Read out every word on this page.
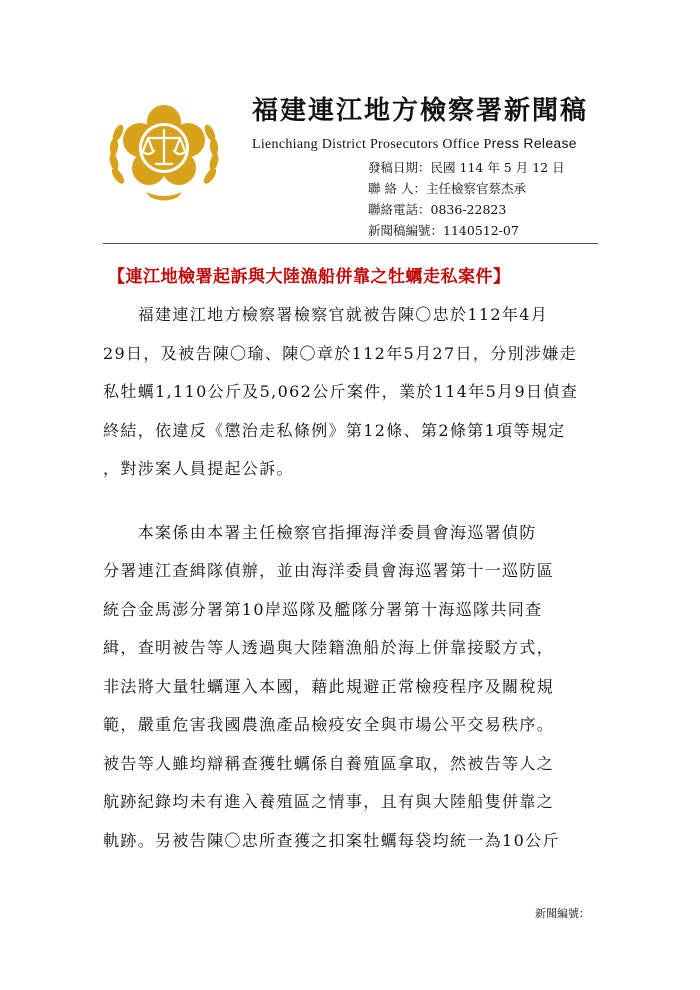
福建連江地方檢察署新聞稿
Lienchiang District Prosecutors Office Press Release
發稿日期：民國 114 年 5 月 12 日
聯 絡 人：主任檢察官蔡杰承
聯絡電話：0836-22823
新聞稿編號：1140512-07
【連江地檢署起訴與大陸漁船併靠之牡蠣走私案件】
　　福建連江地方檢察署檢察官就被告陳〇忠於112年4月
29日，及被告陳〇瑜、陳〇章於112年5月27日，分別涉嫌走
私牡蠣1,110公斤及5,062公斤案件，業於114年5月9日偵查
終結，依違反《懲治走私條例》第12條、第2條第1項等規定
，對涉案人員提起公訴。
　　本案係由本署主任檢察官指揮海洋委員會海巡署偵防
分署連江查緝隊偵辦，並由海洋委員會海巡署第十一巡防區
統合金馬澎分署第10岸巡隊及艦隊分署第十海巡隊共同查
緝，查明被告等人透過與大陸籍漁船於海上併靠接駁方式，
非法將大量牡蠣運入本國，藉此規避正常檢疫程序及關稅規
範，嚴重危害我國農漁產品檢疫安全與市場公平交易秩序。
被告等人雖均辯稱查獲牡蠣係自養殖區拿取，然被告等人之
航跡紀錄均未有進入養殖區之情事，且有與大陸船隻併靠之
軌跡。另被告陳〇忠所查獲之扣案牡蠣每袋均統一為10公斤
新聞編號：
